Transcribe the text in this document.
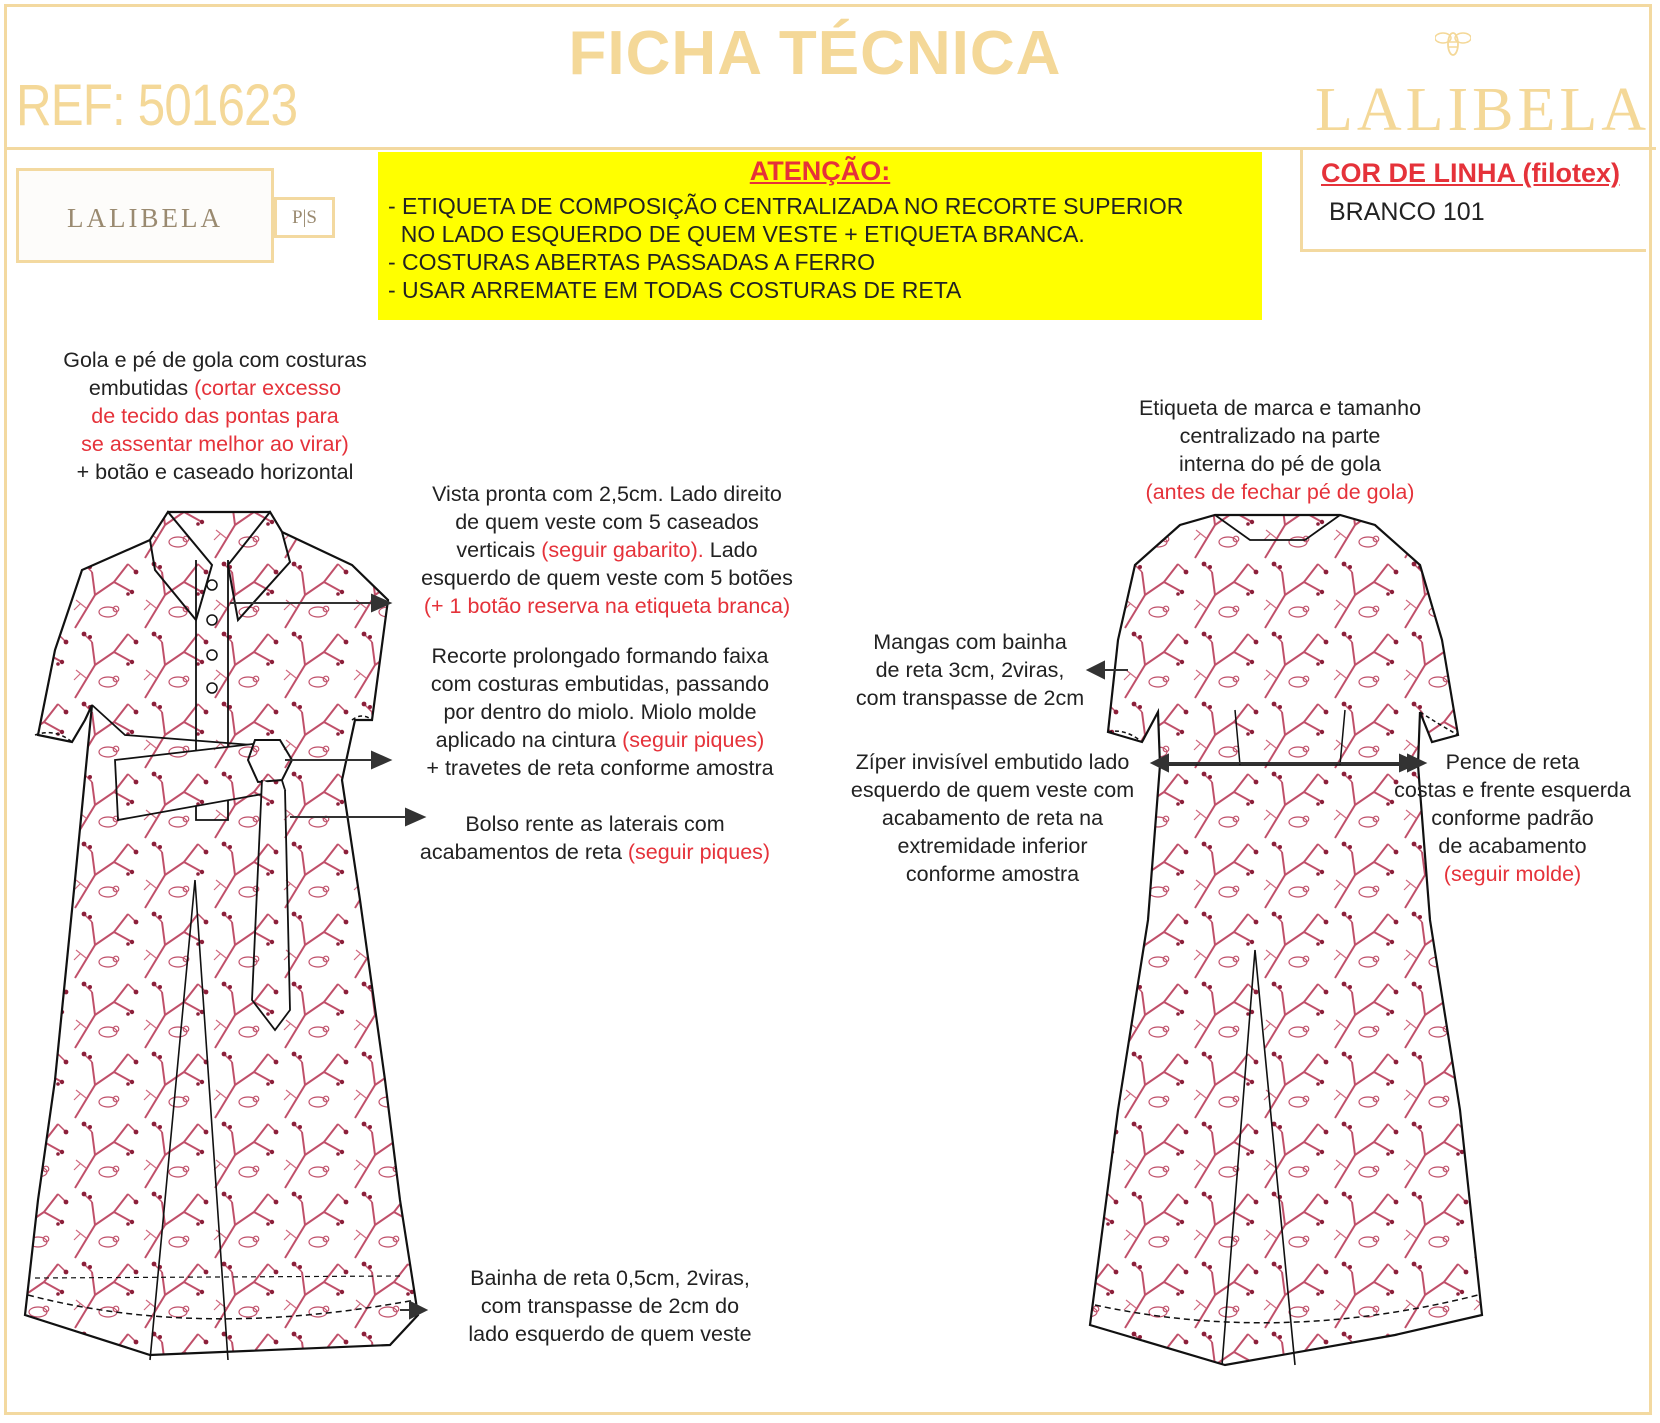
FICHA TÉCNICA
REF: 501623	LALIBELA
LALIBELA	P|S
ATENÇÃO:
- ETIQUETA DE COMPOSIÇÃO CENTRALIZADA NO RECORTE SUPERIOR
NO LADO ESQUERDO DE QUEM VESTE + ETIQUETA BRANCA.
- COSTURAS ABERTAS PASSADAS A FERRO
- USAR ARREMATE EM TODAS COSTURAS DE RETA
COR DE LINHA (filotex)
BRANCO 101
Gola e pé de gola com costuras
embutidas (cortar excesso
de tecido das pontas para
se assentar melhor ao virar)
+ botão e caseado horizontal
Vista pronta com 2,5cm. Lado direito
de quem veste com 5 caseados
verticais (seguir gabarito). Lado
esquerdo de quem veste com 5 botões
(+ 1 botão reserva na etiqueta branca)
Recorte prolongado formando faixa
com costuras embutidas, passando
por dentro do miolo. Miolo molde
aplicado na cintura (seguir piques)
+ travetes de reta conforme amostra
Bolso rente as laterais com
acabamentos de reta (seguir piques)
Bainha de reta 0,5cm, 2viras,
com transpasse de 2cm do
lado esquerdo de quem veste
Etiqueta de marca e tamanho
centralizado na parte
interna do pé de gola
(antes de fechar pé de gola)
Mangas com bainha
de reta 3cm, 2viras,
com transpasse de 2cm
Zíper invisível embutido lado
esquerdo de quem veste com
acabamento de reta na
extremidade inferior
conforme amostra
Pence de reta
costas e frente esquerda
conforme padrão
de acabamento
(seguir molde)
